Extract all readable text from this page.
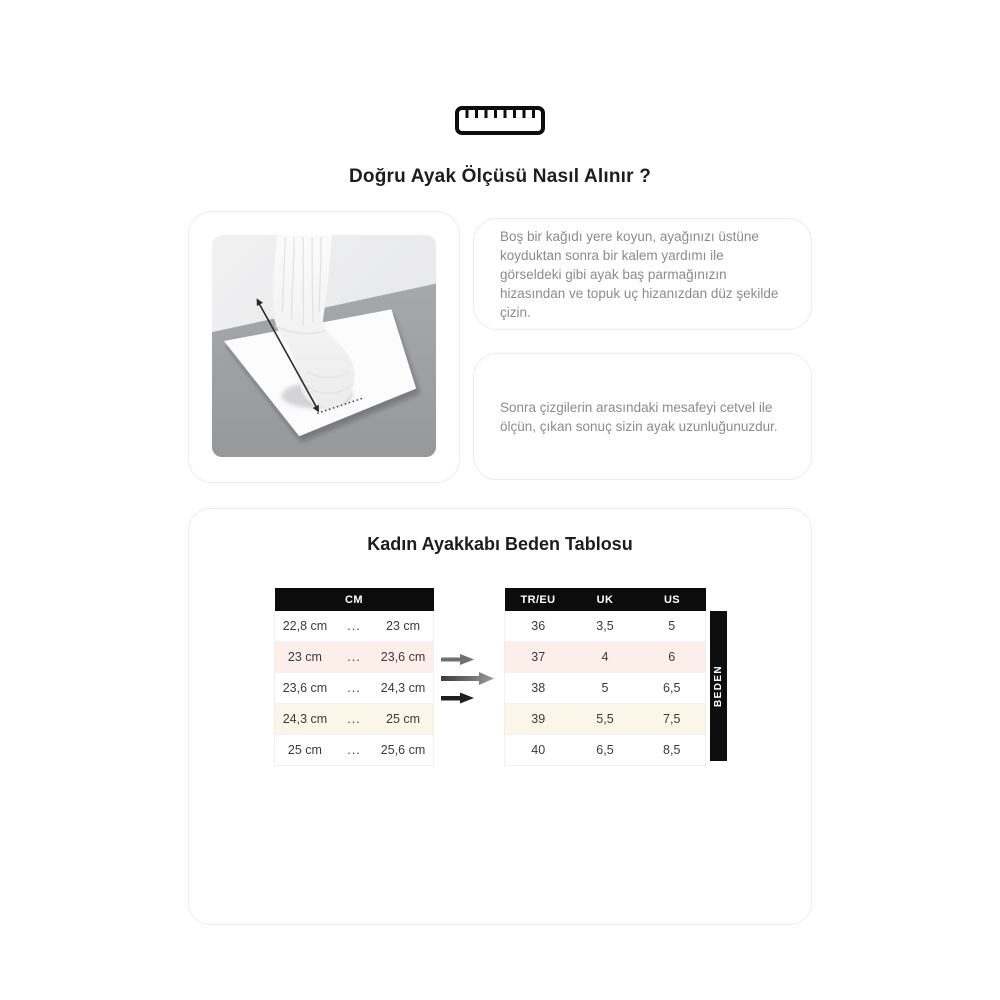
Doğru Ayak Ölçüsü Nasıl Alınır ?

Boş bir kağıdı yere koyun, ayağınızı üstüne koyduktan sonra bir kalem yardımı ile görseldeki gibi ayak baş parmağınızın hizasından ve topuk uç hizanızdan düz şekilde çizin.

Sonra çizgilerin arasındaki mesafeyi cetvel ile ölçün, çıkan sonuç sizin ayak uzunluğunuzdur.

Kadın Ayakkabı Beden Tablosu
CM		
22,8 cm	...	23 cm
23 cm	...	23,6 cm
23,6 cm	...	24,3 cm
24,3 cm	...	25 cm
25 cm	...	25,6 cm
TR/EU	UK	US
36	3,5	5
37	4	6
38	5	6,5
39	5,5	7,5
40	6,5	8,5
BEDEN
